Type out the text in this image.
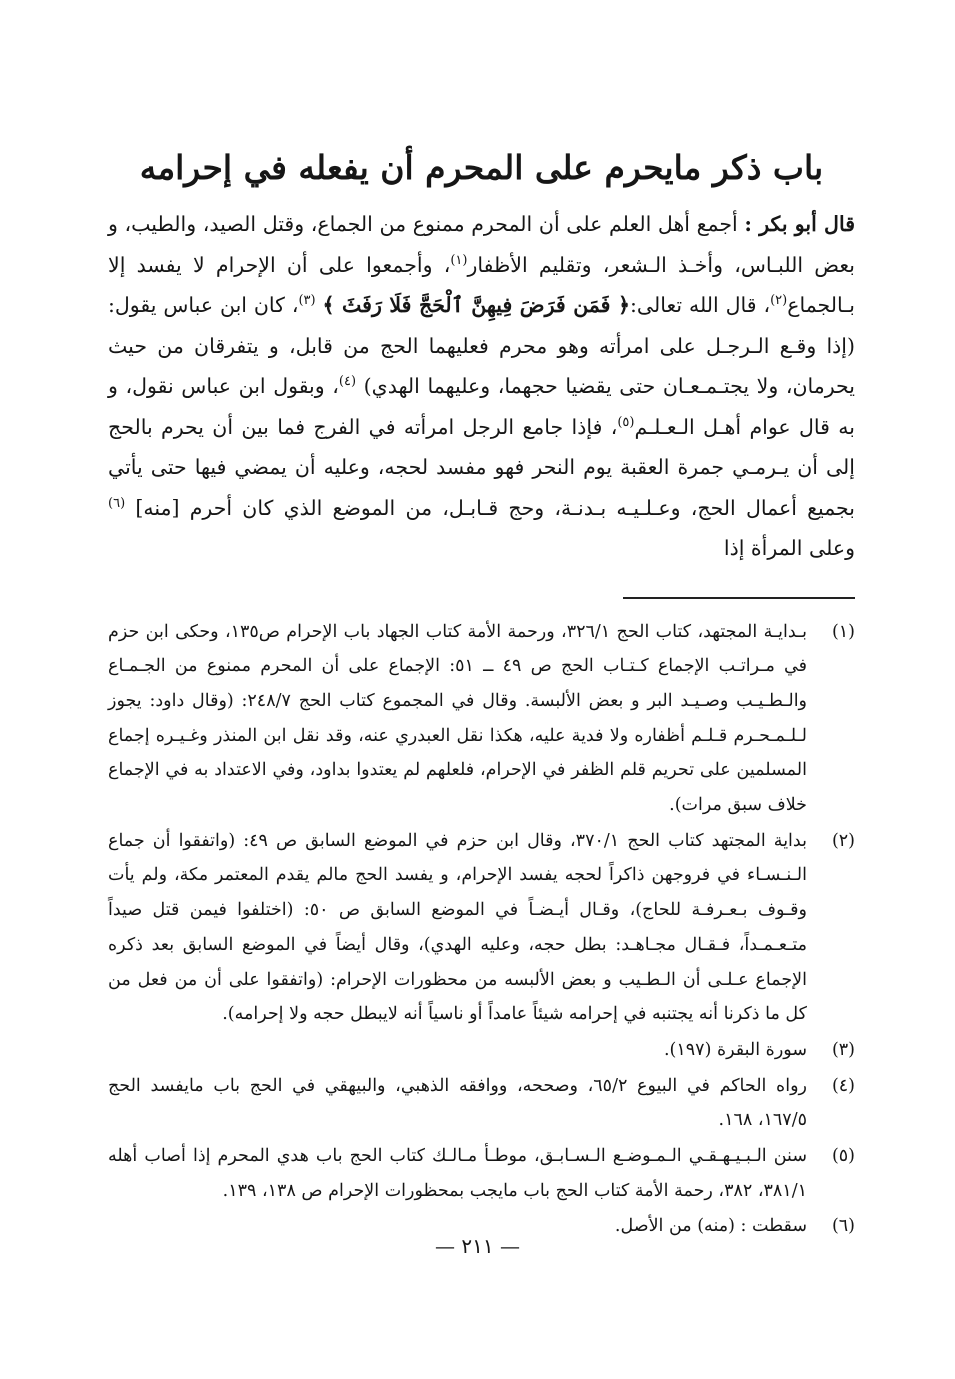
باب ذكر مايحرم على المحرم أن يفعله في إحرامه

قال أبو بكر : أجمع أهل العلم على أن المحرم ممنوع من الجماع، وقتل الصيد، والطيب، و بعض اللبـاس، وأخـذ الـشعر، وتقليم الأظفار$^{(١)}$، وأجمعوا على أن الإحرام لا يفسد إلا بـالجماع$^{(٢)}$، قال الله تعالى:﴿ فَمَن فَرَضَ فِيهِنَّ ٱلْحَجَّ فَلَا رَفَثَ ﴾ $^{(٣)}$، كان ابن عباس يقول: (إذا وقـع الـرجـل على امرأته وهو محرم فعليهما الحج من قابل، و يتفرقان من حيث يحرمان، ولا يجتـمـعـان حتى يقضيا حجهما، وعليهما الهدي) $^{(٤)}$، وبقول ابن عباس نقول، و به قال عوام أهـل الـعـلـم$^{(٥)}$، فإذا جامع الرجل امرأته في الفرج فما بين أن يحرم بالحج إلى أن يـرمـي جمرة العقبة يوم النحر فهو مفسد لحجه، وعليه أن يمضي فيها حتى يأتي بجميع أعمال الحج، وعـلـيـه بـدنـة، وحج قـابـل، من الموضع الذي كان أحرم [منه] $^{(٦)}$ وعلى المرأة إذا

(١)
بـدايـة المجتهد، كتاب الحج ٣٢٦/١، ورحمة الأمة كتاب الجهاد باب الإحرام ص١٣٥، وحكى ابن حزم في مـراتـب الإجماع كـتـاب الحج ص ٤٩ ــ ٥١: الإجماع على أن المحرم ممنوع من الجـمـاع والـطـيـب وصـيـد البر و بعض الألبسة. وقال في المجموع كتاب الحج ٢٤٨/٧: (وقال داود: يجوز لـلـمـحـرم قـلـم أظفاره ولا فدية عليه، هكذا نقل العبدري عنه، وقد نقل ابن المنذر وغـيـره إجماع المسلمين على تحريم قلم الظفر في الإحرام، فلعلهم لم يعتدوا بداود، وفي الاعتداد به في الإجماع خلاف سبق مرات).
(٢)
بداية المجتهد كتاب الحج ٣٧٠/١، وقال ابن حزم في الموضع السابق ص ٤٩: (واتفقوا أن جماع الـنـسـاء في فروجهن ذاكراً لحجه يفسد الإحرام، و يفسد الحج مالم يقدم المعتمر مكة، ولم يأت وقـوف بـعـرفـة للحاج)، وقـال أيـضـاً في الموضع السابق ص ٥٠: (اختلفوا فيمن قتل صيداً متـعـمـداً، فـقـال مجـاهـد: بطل حجه، وعليه الهدي)، وقال أيضاً في الموضع السابق بعد ذكره الإجماع عـلـى أن الـطـيب و بعض الألبسه من محظورات الإحرام: (واتفقوا على أن من فعل من كل ما ذكرنا أنه يجتنبه في إحرامه شيئاً عامداً أو ناسياً أنه لايبطل حجه ولا إحرامه).
(٣)
سورة البقرة (١٩٧).
(٤)
رواه الحاكم في البيوع ٦٥/٢، وصححه، ووافقه الذهبي، والبيهقي في الحج باب مايفسد الحج ١٦٧/٥، ١٦٨.
(٥)
سنن الـبـيـهـقـي الـمـوضـع الـسـابـق، موطـأ مـالـك كتاب الحج باب هدي المحرم إذا أصاب أهله ٣٨١/١، ٣٨٢، رحمة الأمة كتاب الحج باب مايجب بمحظورات الإحرام ص ١٣٨، ١٣٩.
(٦)
سقطت : (منه) من الأصل.
— ٢١١ —
